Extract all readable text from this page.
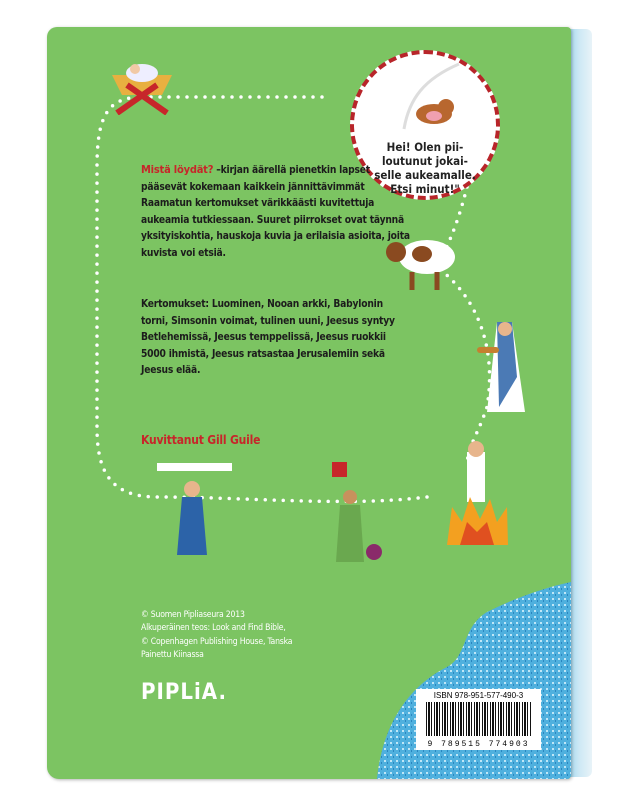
Hei! Olen pii-
loutunut jokai-
selle aukeamalle.
Etsi minut!"
Mistä löydät? –kirjan äärellä pienetkin lapset pääsevät kokemaan kaikkein jännittävimmät Raamatun kertomukset värikkäästi kuvitettuja aukeamia tutkiessaan. Suuret piirrokset ovat täynnä yksityiskohtia, hauskoja kuvia ja erilaisia asioita, joita kuvista voi etsiä.
Kertomukset: Luominen, Nooan arkki, Babylonin torni, Simsonin voimat, tulinen uuni, Jeesus syntyy Betlehemissä, Jeesus temppelissä, Jeesus ruokkii 5000 ihmistä, Jeesus ratsastaa Jerusalemiin sekä Jeesus elää.
Kuvittanut Gill Guile
© Suomen Pipliaseura 2013
Alkuperäinen teos: Look and Find Bible,
© Copenhagen Publishing House, Tanska
Painettu Kiinassa
PIPLiA.	ISBN 978-951-577-490-3
9 789515 774903
